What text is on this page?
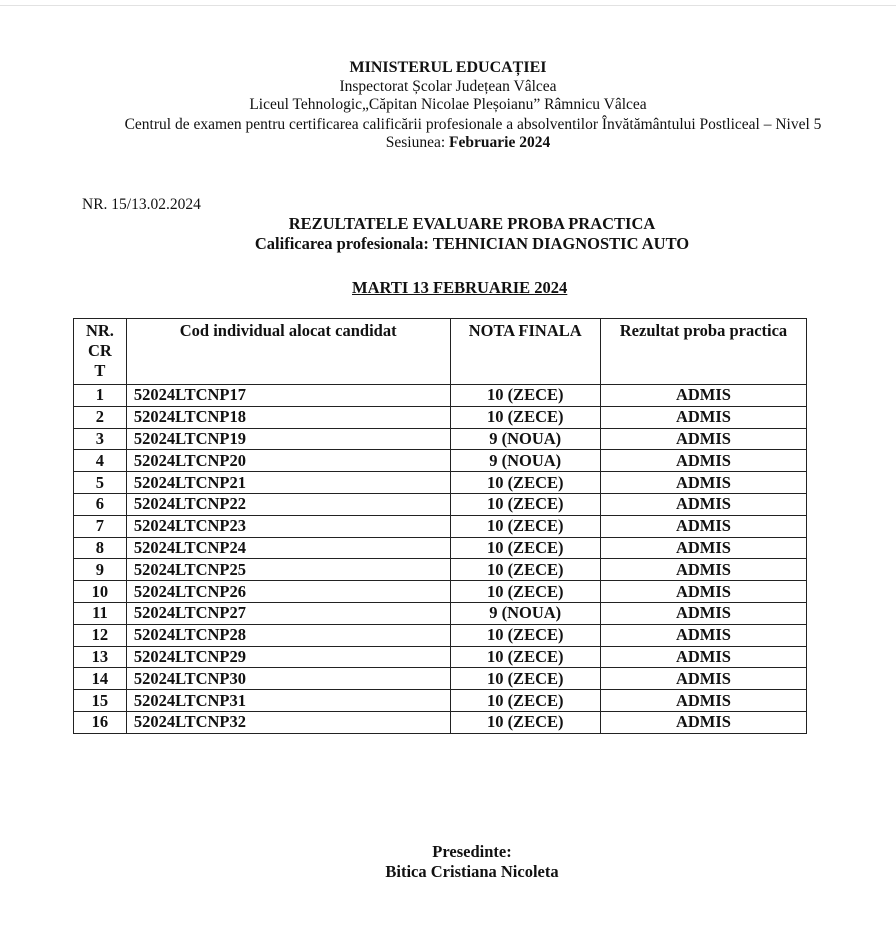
MINISTERUL EDUCAȚIEI
Inspectorat Școlar Județean Vâlcea
Liceul Tehnologic„Căpitan Nicolae Pleșoianu” Râmnicu Vâlcea
Centrul de examen pentru certificarea calificării profesionale a absolventilor Învătământului Postliceal – Nivel 5
Sesiunea: Februarie 2024
NR. 15/13.02.2024
REZULTATELE EVALUARE PROBA PRACTICA
Calificarea profesionala: TEHNICIAN DIAGNOSTIC AUTO
MARTI 13 FEBRUARIE 2024
NR.
CR
T	Cod individual alocat candidat	NOTA FINALA	Rezultat proba practica
1	52024LTCNP17	10 (ZECE)	ADMIS
2	52024LTCNP18	10 (ZECE)	ADMIS
3	52024LTCNP19	9 (NOUA)	ADMIS
4	52024LTCNP20	9 (NOUA)	ADMIS
5	52024LTCNP21	10 (ZECE)	ADMIS
6	52024LTCNP22	10 (ZECE)	ADMIS
7	52024LTCNP23	10 (ZECE)	ADMIS
8	52024LTCNP24	10 (ZECE)	ADMIS
9	52024LTCNP25	10 (ZECE)	ADMIS
10	52024LTCNP26	10 (ZECE)	ADMIS
11	52024LTCNP27	9 (NOUA)	ADMIS
12	52024LTCNP28	10 (ZECE)	ADMIS
13	52024LTCNP29	10 (ZECE)	ADMIS
14	52024LTCNP30	10 (ZECE)	ADMIS
15	52024LTCNP31	10 (ZECE)	ADMIS
16	52024LTCNP32	10 (ZECE)	ADMIS
Presedinte:
Bitica Cristiana Nicoleta
